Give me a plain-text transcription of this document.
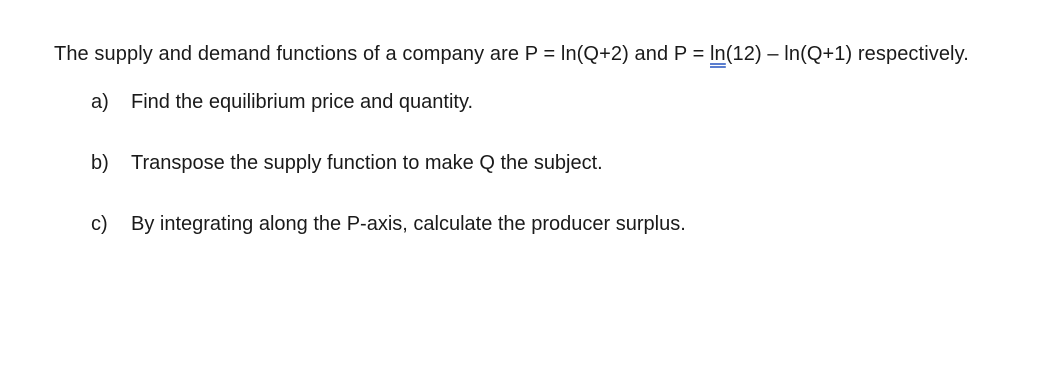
The supply and demand functions of a company are P = ln(Q+2) and P = ln(12) – ln(Q+1) respectively.

a) Find the equilibrium price and quantity.
b) Transpose the supply function to make Q the subject.
c) By integrating along the P-axis, calculate the producer surplus.
